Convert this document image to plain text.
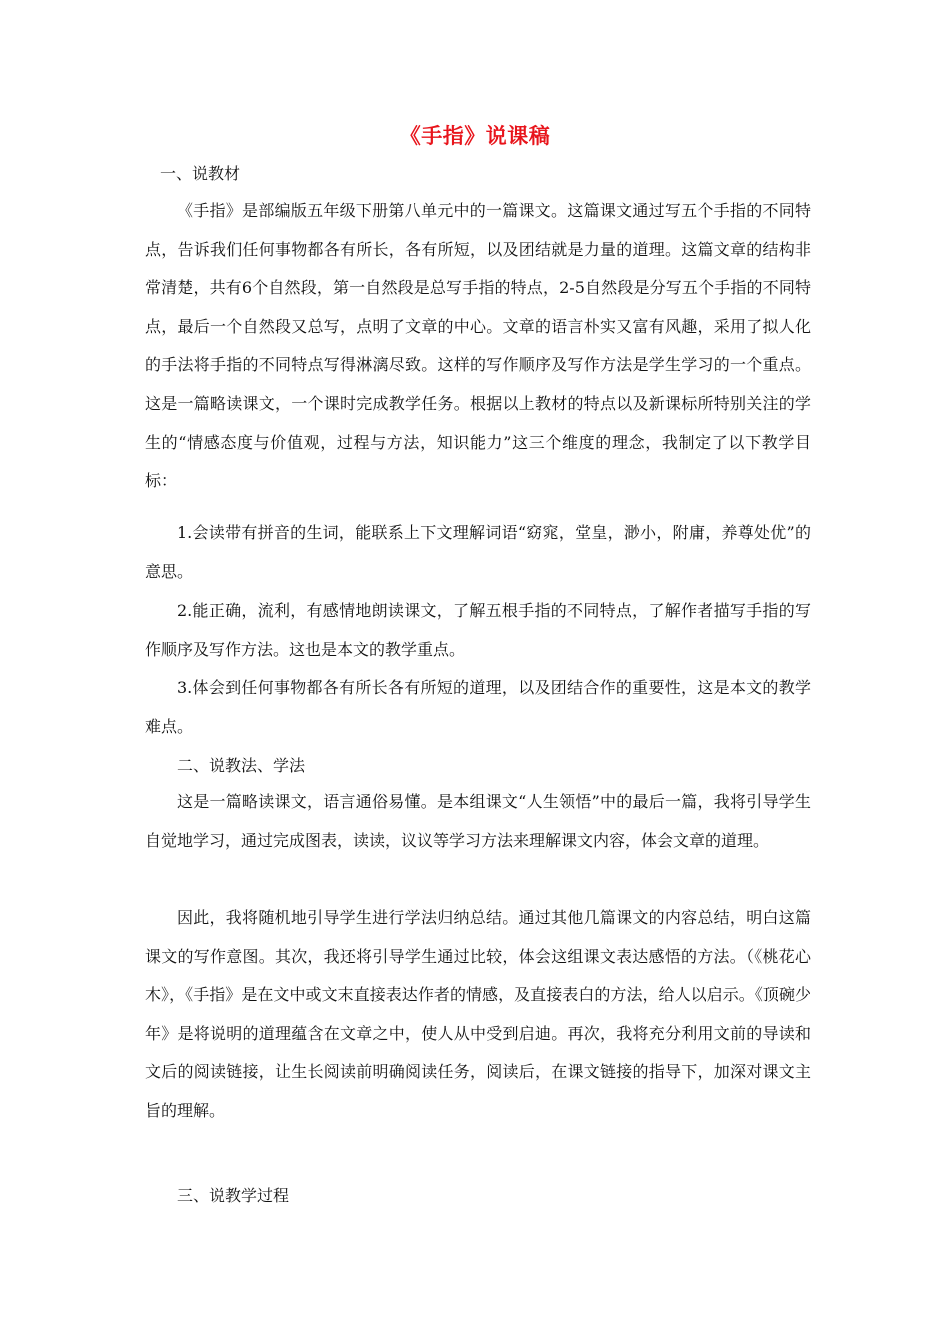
《手指》说课稿
一、说教材
《手指》是部编版五年级下册第八单元中的一篇课文。这篇课文通过写五个手指的不同特点，告诉我们任何事物都各有所长，各有所短，以及团结就是力量的道理。这篇文章的结构非常清楚，共有6个自然段，第一自然段是总写手指的特点，2-5自然段是分写五个手指的不同特点，最后一个自然段又总写，点明了文章的中心。文章的语言朴实又富有风趣，采用了拟人化的手法将手指的不同特点写得淋漓尽致。这样的写作顺序及写作方法是学生学习的一个重点。这是一篇略读课文，一个课时完成教学任务。根据以上教材的特点以及新课标所特别关注的学生的“情感态度与价值观，过程与方法，知识能力”这三个维度的理念，我制定了以下教学目标：
1.会读带有拼音的生词，能联系上下文理解词语“窈窕，堂皇，渺小，附庸，养尊处优”的意思。
2.能正确，流利，有感情地朗读课文，了解五根手指的不同特点，了解作者描写手指的写作顺序及写作方法。这也是本文的教学重点。
3.体会到任何事物都各有所长各有所短的道理，以及团结合作的重要性，这是本文的教学难点。
二、说教法、学法
这是一篇略读课文，语言通俗易懂。是本组课文“人生领悟”中的最后一篇，我将引导学生自觉地学习，通过完成图表，读读，议议等学习方法来理解课文内容，体会文章的道理。
因此，我将随机地引导学生进行学法归纳总结。通过其他几篇课文的内容总结，明白这篇课文的写作意图。其次，我还将引导学生通过比较，体会这组课文表达感悟的方法。（《桃花心木》，《手指》是在文中或文末直接表达作者的情感，及直接表白的方法，给人以启示。《顶碗少年》是将说明的道理蕴含在文章之中，使人从中受到启迪。再次，我将充分利用文前的导读和文后的阅读链接，让生长阅读前明确阅读任务，阅读后，在课文链接的指导下，加深对课文主旨的理解。
三、说教学过程
